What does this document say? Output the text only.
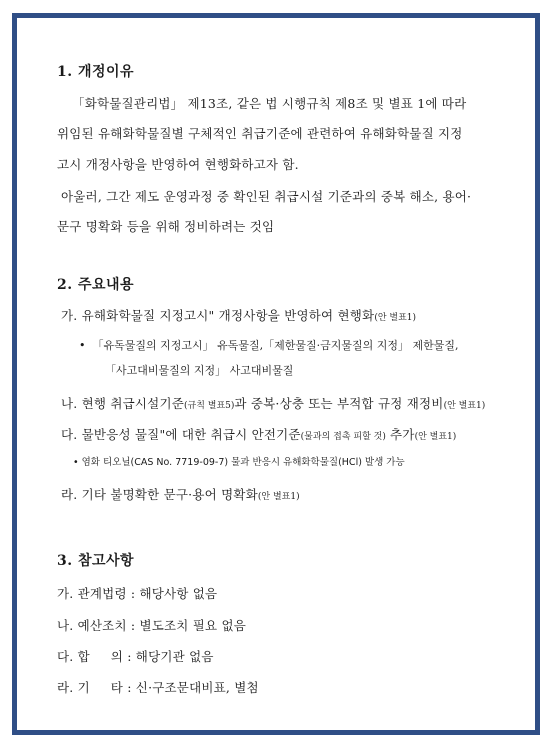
1. 개정이유
「화학물질관리법」 제13조, 같은 법 시행규칙 제8조 및 별표 1에 따라
위임된 유해화학물질별 구체적인 취급기준에 관련하여 유해화학물질 지정
고시 개정사항을 반영하여 현행화하고자 함.
아울러, 그간 제도 운영과정 중 확인된 취급시설 기준과의 중복 해소, 용어·
문구 명확화 등을 위해 정비하려는 것임
2. 주요내용
가. 유해화학물질 지정고시" 개정사항을 반영하여 현행화(안 별표1)
•  「유독물질의 지정고시」 유독물질,「제한물질·금지물질의 지정」 제한물질,
「사고대비물질의 지정」 사고대비물질
나. 현행 취급시설기준(규칙 별표5)과 중복·상충 또는 부적합 규정 재정비(안 별표1)
다. 물반응성 물질"에 대한 취급시 안전기준(물과의 접촉 피할 것) 추가(안 별표1)
• 염화 티오닐(CAS No. 7719-09-7) 물과 반응시 유해화학물질(HCl) 발생 가능
라. 기타 불명확한 문구·용어 명확화(안 별표1)
3. 참고사항
가. 관계법령 : 해당사항 없음
나. 예산조치 : 별도조치 필요 없음
다. 합     의 : 해당기관 없음
라. 기     타 : 신·구조문대비표, 별첨
